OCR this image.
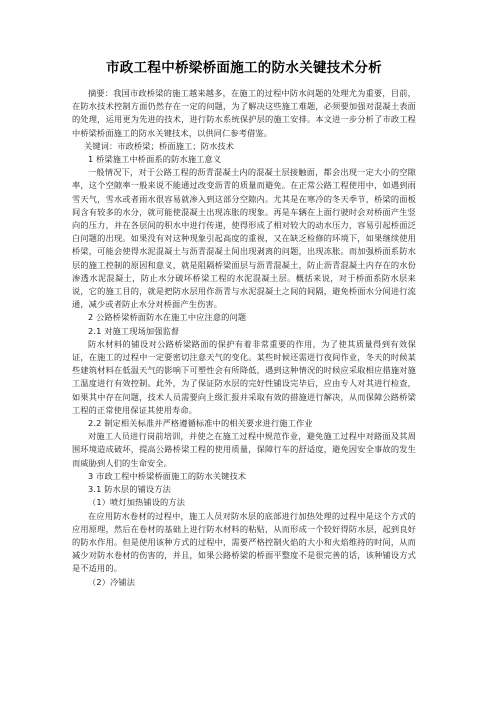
市政工程中桥梁桥面施工的防水关键技术分析

摘要：我国市政桥梁的施工越来越多，在施工的过程中防水问题的处理尤为重要，目前，在防水技术控制方面仍然存在一定的问题，为了解决这些施工难题，必须要加强对混凝土表面的处理，运用更为先进的技术，进行防水系统保护层的施工安排。本文进一步分析了市政工程中桥梁桥面施工的防水关键技术，以供同仁参考借鉴。

关键词：市政桥梁；桥面施工；防水技术

1 桥梁施工中桥面系的防水施工意义

一般情况下，对于公路工程的沥青混凝土内的混凝土层接触面，都会出现一定大小的空隙率，这个空隙率一般来说不能通过改变沥青的质量而避免。在正常公路工程使用中，如遇到雨雪天气，雪水或者雨水很容易就渗入到这部分空隙内。尤其是在寒冷的冬天季节，桥梁的面板间含有较多的水分，就可能使混凝土出现冻胀的现象。再是车辆在上面行驶时会对桥面产生竖向的压力，并在各层间的积水中进行传递，使得形成了相对较大的动水压力，容易引起桥面泛白问题的出现。如果没有对这种现象引起高度的重视，又在缺乏检修的环境下，如果继续使用桥梁，可能会使得水泥混凝土与沥青混凝土间出现剥离的问题，出现冻胀。而加强桥面系防水层的施工控制的原因和意义，就是阻隔桥梁面层与沥青混凝土，防止沥青混凝土内存在的水份渗透水泥混凝土，防止水分破坏桥梁工程的水泥混凝土层。概括来说，对于桥面系防水层来说，它的施工目的，就是把防水层用作沥青与水泥混凝土之间的间隔，避免桥面水分间进行流通，减少或者防止水分对桥面产生伤害。

2 公路桥梁桥面防水在施工中应注意的问题

2.1 对施工现场加强监督

防水材料的铺设对公路桥梁路面的保护有着非常重要的作用，为了使其质量得到有效保证，在施工的过程中一定要密切注意天气的变化。某些时候还需进行夜间作业，冬天的时候某些建筑材料在低温天气的影响下可塑性会有所降低，遇到这种情况的时候应采取相应措施对施工温度进行有效控制。此外，为了保证防水层的完好性铺设完毕后，应由专人对其进行检查，如果其中存在问题，技术人员需要向上级汇报并采取有效的措施进行解决，从而保障公路桥梁工程的正常使用保证其使用寿命。

2.2 制定相关标准并严格遵循标准中的相关要求进行施工作业

对施工人员进行岗前培训，并使之在施工过程中规范作业，避免施工过程中对路面及其周围环境造成破坏，提高公路桥梁工程的使用质量，保障行车的舒适度，避免因安全事故的发生而威胁到人们的生命安全。

3 市政工程中桥梁桥面施工的防水关键技术

3.1 防水层的铺设方法

（1）喷灯加热铺设的方法

在应用防水卷材的过程中，施工人员对防水层的底部进行加热处理的过程中是这个方式的应用原理，然后在卷材的基础上进行防水材料的粘贴，从而形成一个较好得防水层，起到良好的防水作用。但是使用该种方式的过程中，需要严格控制火焰的大小和火焰维持的时间，从而减少对防水卷材的伤害的，并且，如果公路桥梁的桥面平整度不是很完善的话，该种铺设方式是不适用的。

（2）冷铺法
